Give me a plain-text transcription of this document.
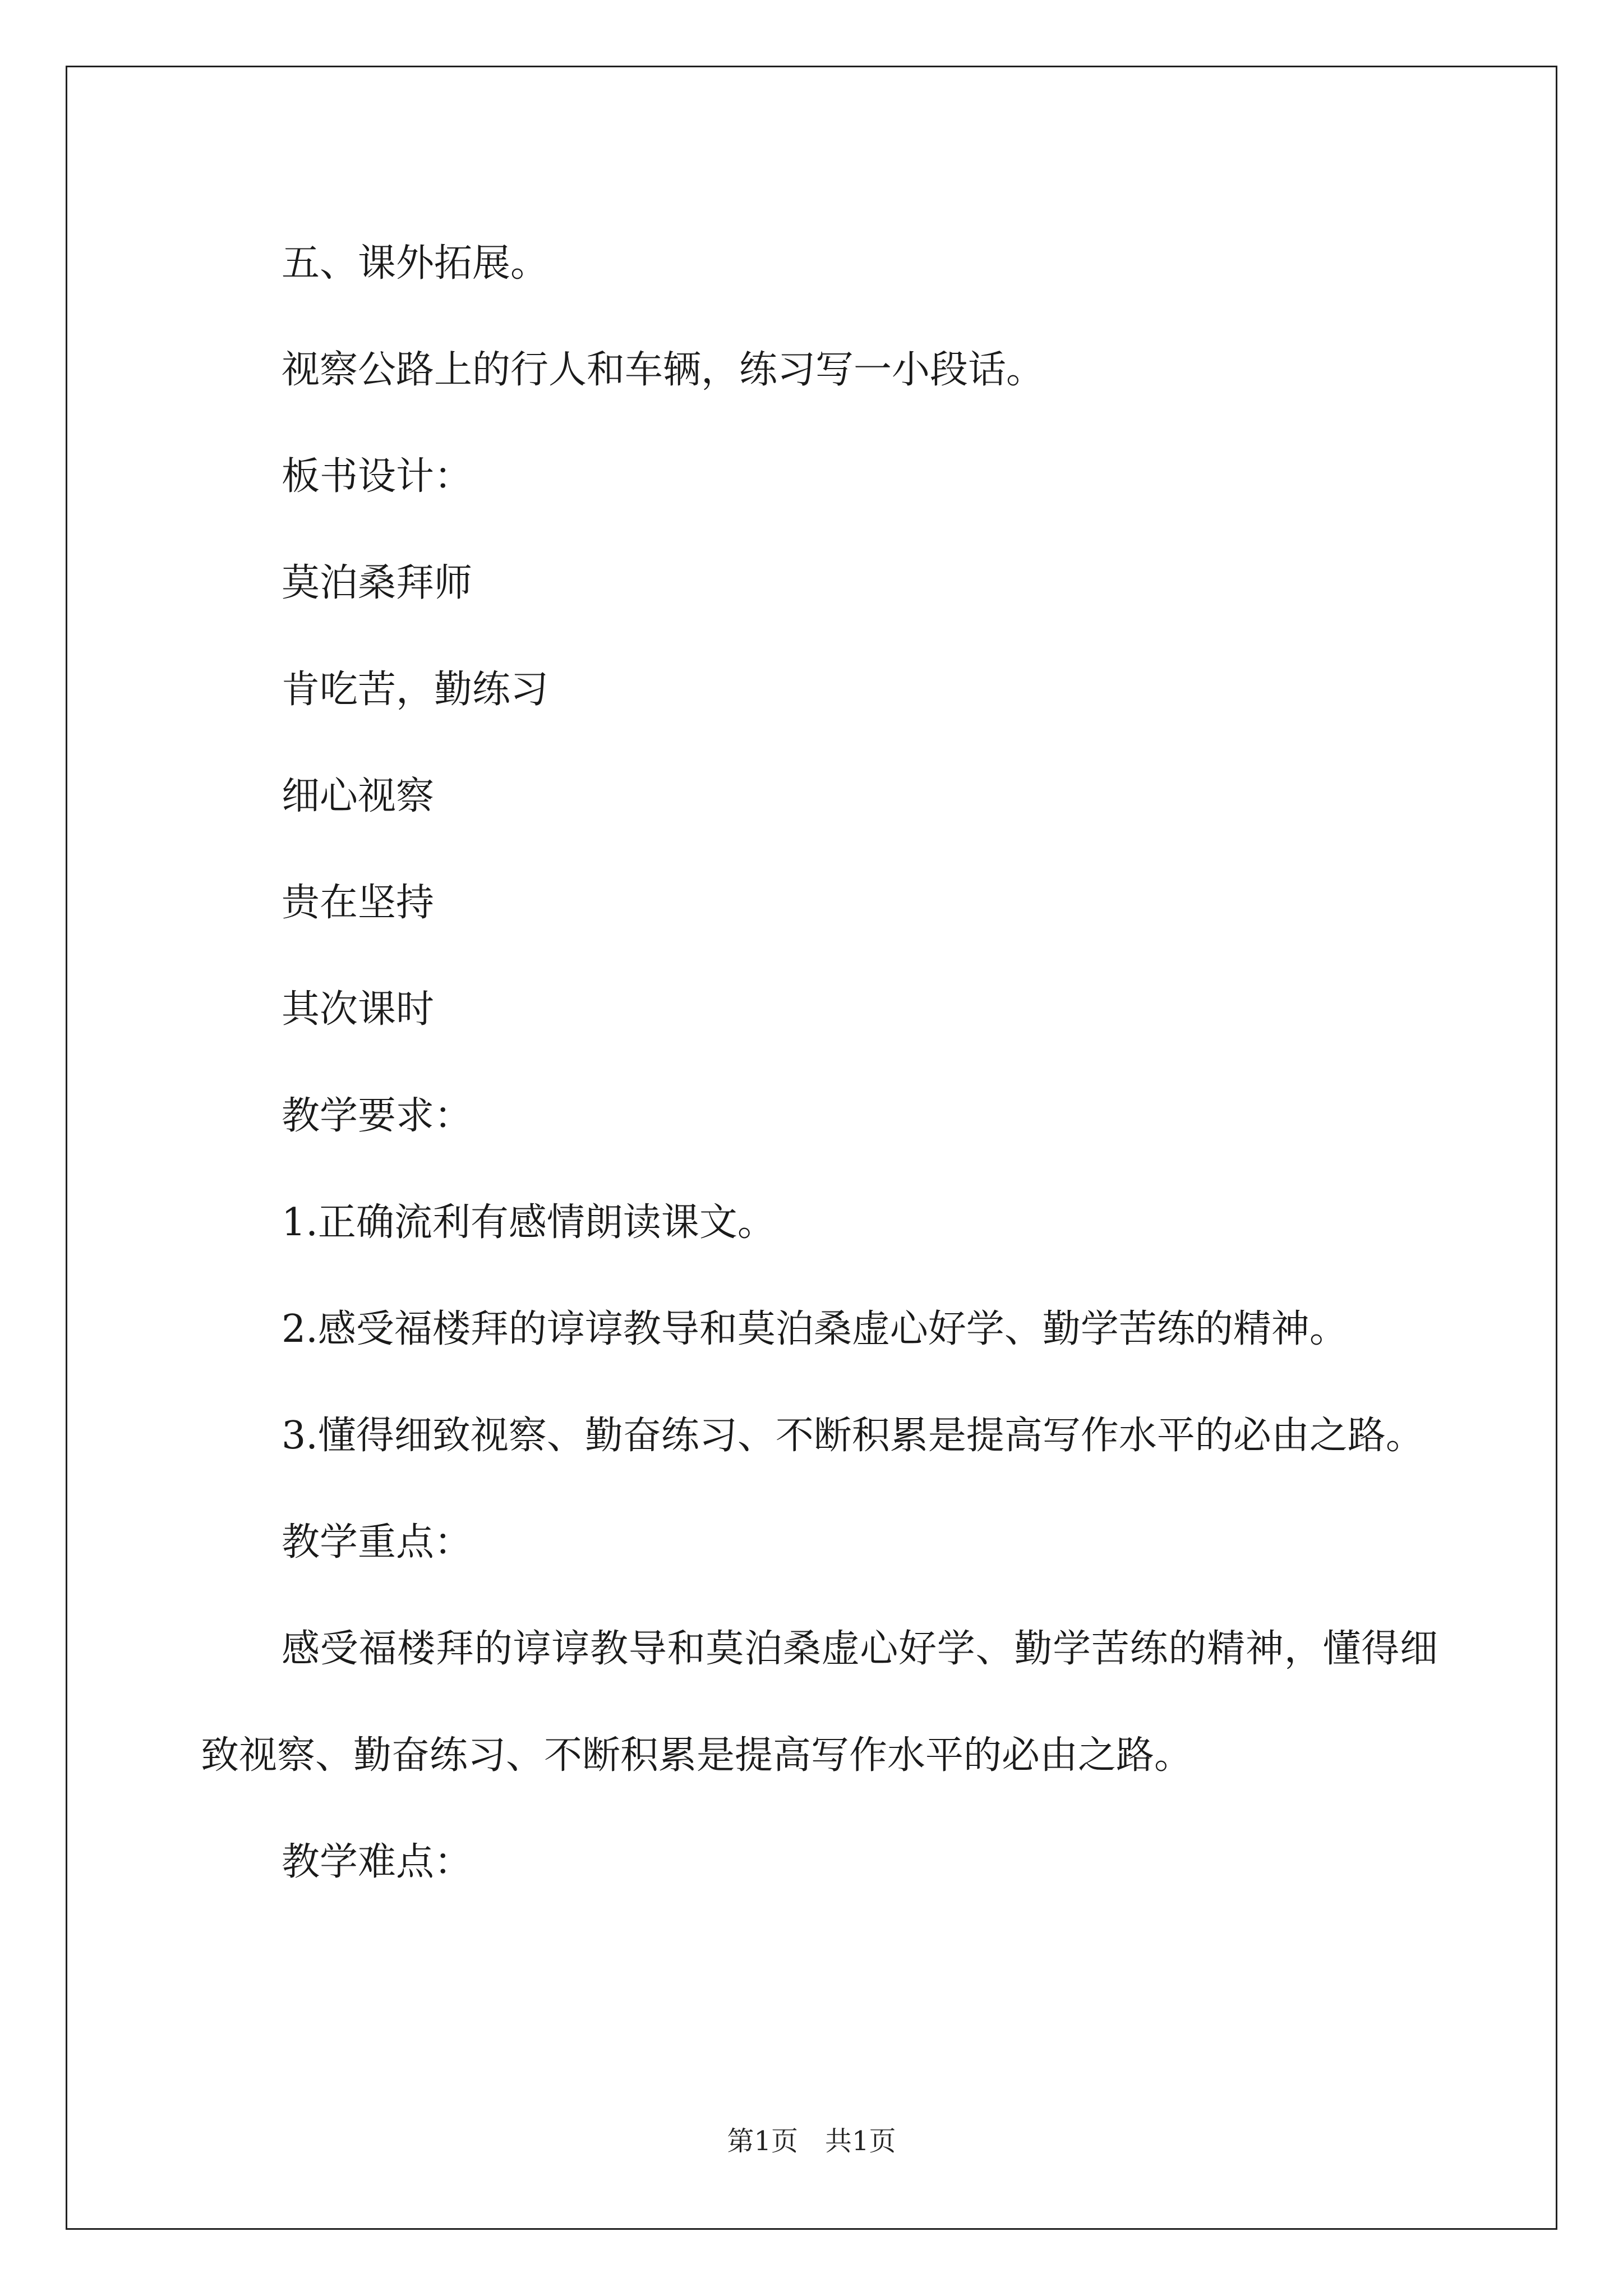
五、课外拓展。

视察公路上的行人和车辆，练习写一小段话。

板书设计：

莫泊桑拜师

肯吃苦，勤练习

细心视察

贵在坚持

其次课时

教学要求：

1.正确流利有感情朗读课文。

2.感受福楼拜的谆谆教导和莫泊桑虚心好学、勤学苦练的精神。

3.懂得细致视察、勤奋练习、不断积累是提高写作水平的必由之路。

教学重点：

感受福楼拜的谆谆教导和莫泊桑虚心好学、勤学苦练的精神，懂得细致视察、勤奋练习、不断积累是提高写作水平的必由之路。

教学难点：

第1页 共1页
